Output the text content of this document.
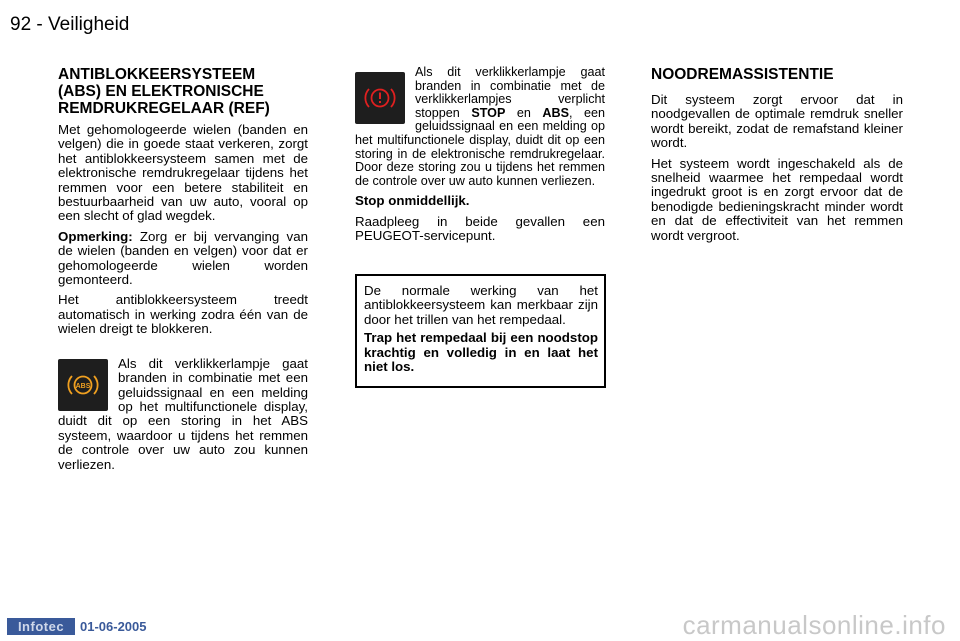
92 - Veiligheid
ANTIBLOKKEERSYSTEEM
(ABS) EN ELEKTRONISCHE
REMDRUKREGELAAR (REF)

Met gehomologeerde wielen (banden en velgen) die in goede staat verkeren, zorgt het antiblokkeersysteem samen met de elektronische remdrukregelaar tijdens het remmen voor een betere stabiliteit en bestuurbaarheid van uw auto, vooral op een slecht of glad wegdek.

Opmerking: Zorg er bij vervanging van de wielen (banden en velgen) voor dat er gehomologeerde wielen worden gemonteerd.

Het antiblokkeersysteem treedt automatisch in werking zodra één van de wielen dreigt te blokkeren.

ABS

Als dit verklikkerlampje gaat branden in combinatie met een geluidssignaal en een melding op het multifunctionele display, duidt dit op een storing in het ABS systeem, waardoor u tijdens het remmen de controle over uw auto zou kunnen verliezen.

Als dit verklikkerlampje gaat branden in combinatie met de verklikkerlampjes verplicht stoppen STOP en ABS, een geluidssignaal en een melding op het multifunctionele display, duidt dit op een storing in de elektronische remdrukregelaar. Door deze storing zou u tijdens het remmen de controle over uw auto kunnen verliezen.

Stop onmiddellijk.

Raadpleeg in beide gevallen een PEUGEOT-servicepunt.

De normale werking van het antiblokkeersysteem kan merkbaar zijn door het trillen van het rempedaal.

Trap het rempedaal bij een noodstop krachtig en volledig in en laat het niet los.

NOODREMASSISTENTIE

Dit systeem zorgt ervoor dat in noodgevallen de optimale remdruk sneller wordt bereikt, zodat de remafstand kleiner wordt.

Het systeem wordt ingeschakeld als de snelheid waarmee het rempedaal wordt ingedrukt groot is en zorgt ervoor dat de benodigde bedieningskracht minder wordt en dat de effectiviteit van het remmen wordt vergroot.

Infotec	01-06-2005	carmanualsonline.info
